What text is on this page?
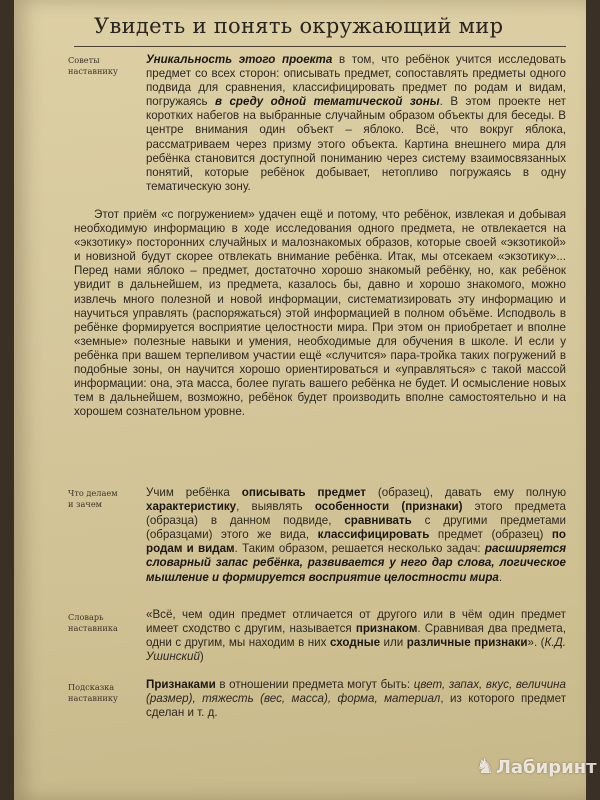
Увидеть и понять окружающий мир
Советы
наставнику

Уникальность этого проекта в том, что ребёнок учится исследовать предмет со всех сторон: описывать предмет, сопоставлять предметы одного подвида для сравнения, классифицировать предмет по родам и видам, погружаясь в среду одной тематической зоны. В этом проекте нет коротких набегов на выбранные случайным образом объекты для беседы. В центре внимания один объект – яблоко. Всё, что вокруг яблока, рассматриваем через призму этого объекта. Картина внешнего мира для ребёнка становится доступной пониманию через систему взаимосвязанных понятий, которые ребёнок добывает, нетопливо погружаясь в одну тематическую зону.

Этот приём «с погружением» удачен ещё и потому, что ребёнок, извлекая и добывая необходимую информацию в ходе исследования одного предмета, не отвлекается на «экзотику» посторонних случайных и малознакомых образов, которые своей «экзотикой» и новизной будут скорее отвлекать внимание ребёнка. Итак, мы отсекаем «экзотику»... Перед нами яблоко – предмет, достаточно хорошо знакомый ребёнку, но, как ребёнок увидит в дальнейшем, из предмета, казалось бы, давно и хорошо знакомого, можно извлечь много полезной и новой информации, систематизировать эту информацию и научиться управлять (распоряжаться) этой информацией в полном объёме. Исподволь в ребёнке формируется восприятие целостности мира. При этом он приобретает и вполне «земные» полезные навыки и умения, необходимые для обучения в школе. И если у ребёнка при вашем терпеливом участии ещё «случится» пара-тройка таких погружений в подобные зоны, он научится хорошо ориентироваться и «управляться» с такой массой информации: она, эта масса, более пугать вашего ребёнка не будет. И осмысление новых тем в дальнейшем, возможно, ребёнок будет производить вполне самостоятельно и на хорошем сознательном уровне.

Что делаем
и зачем

Учим ребёнка описывать предмет (образец), давать ему полную характеристику, выявлять особенности (признаки) этого предмета (образца) в данном подвиде, сравнивать с другими предметами (образцами) этого же вида, классифицировать предмет (образец) по родам и видам. Таким образом, решается несколько задач: расширяется словарный запас ребёнка, развивается у него дар слова, логическое мышление и формируется восприятие целостности мира.

Словарь
наставника

«Всё, чем один предмет отличается от другого или в чём один предмет имеет сходство с другим, называется признаком. Сравнивая два предмета, одни с другим, мы находим в них сходные или различные признаки». (К.Д. Ушинский)

Подсказка
наставнику

Признаками в отношении предмета могут быть: цвет, запах, вкус, величина (размер), тяжесть (вес, масса), форма, материал, из которого предмет сделан и т. д.

♞ Лабиринт
